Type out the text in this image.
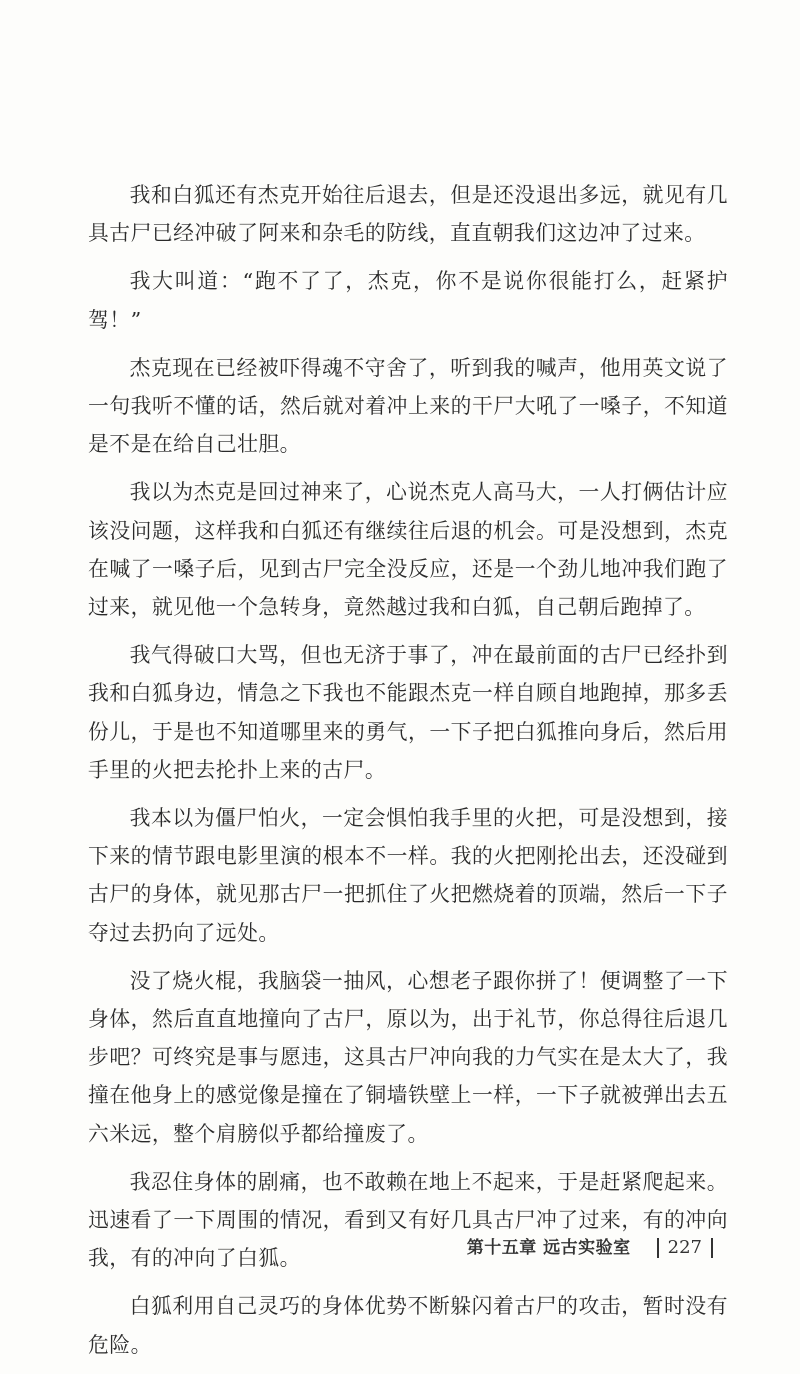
我和白狐还有杰克开始往后退去，但是还没退出多远，就见有几具古尸已经冲破了阿来和杂毛的防线，直直朝我们这边冲了过来。

我大叫道：“跑不了了，杰克，你不是说你很能打么，赶紧护驾！”

杰克现在已经被吓得魂不守舍了，听到我的喊声，他用英文说了一句我听不懂的话，然后就对着冲上来的干尸大吼了一嗓子，不知道是不是在给自己壮胆。

我以为杰克是回过神来了，心说杰克人高马大，一人打俩估计应该没问题，这样我和白狐还有继续往后退的机会。可是没想到，杰克在喊了一嗓子后，见到古尸完全没反应，还是一个劲儿地冲我们跑了过来，就见他一个急转身，竟然越过我和白狐，自己朝后跑掉了。

我气得破口大骂，但也无济于事了，冲在最前面的古尸已经扑到我和白狐身边，情急之下我也不能跟杰克一样自顾自地跑掉，那多丢份儿，于是也不知道哪里来的勇气，一下子把白狐推向身后，然后用手里的火把去抡扑上来的古尸。

我本以为僵尸怕火，一定会惧怕我手里的火把，可是没想到，接下来的情节跟电影里演的根本不一样。我的火把刚抡出去，还没碰到古尸的身体，就见那古尸一把抓住了火把燃烧着的顶端，然后一下子夺过去扔向了远处。

没了烧火棍，我脑袋一抽风，心想老子跟你拼了！便调整了一下身体，然后直直地撞向了古尸，原以为，出于礼节，你总得往后退几步吧？可终究是事与愿违，这具古尸冲向我的力气实在是太大了，我撞在他身上的感觉像是撞在了铜墙铁壁上一样，一下子就被弹出去五六米远，整个肩膀似乎都给撞废了。

我忍住身体的剧痛，也不敢赖在地上不起来，于是赶紧爬起来。迅速看了一下周围的情况，看到又有好几具古尸冲了过来，有的冲向我，有的冲向了白狐。

白狐利用自己灵巧的身体优势不断躲闪着古尸的攻击，暂时没有危险。

第十五章 远古实验室 227
